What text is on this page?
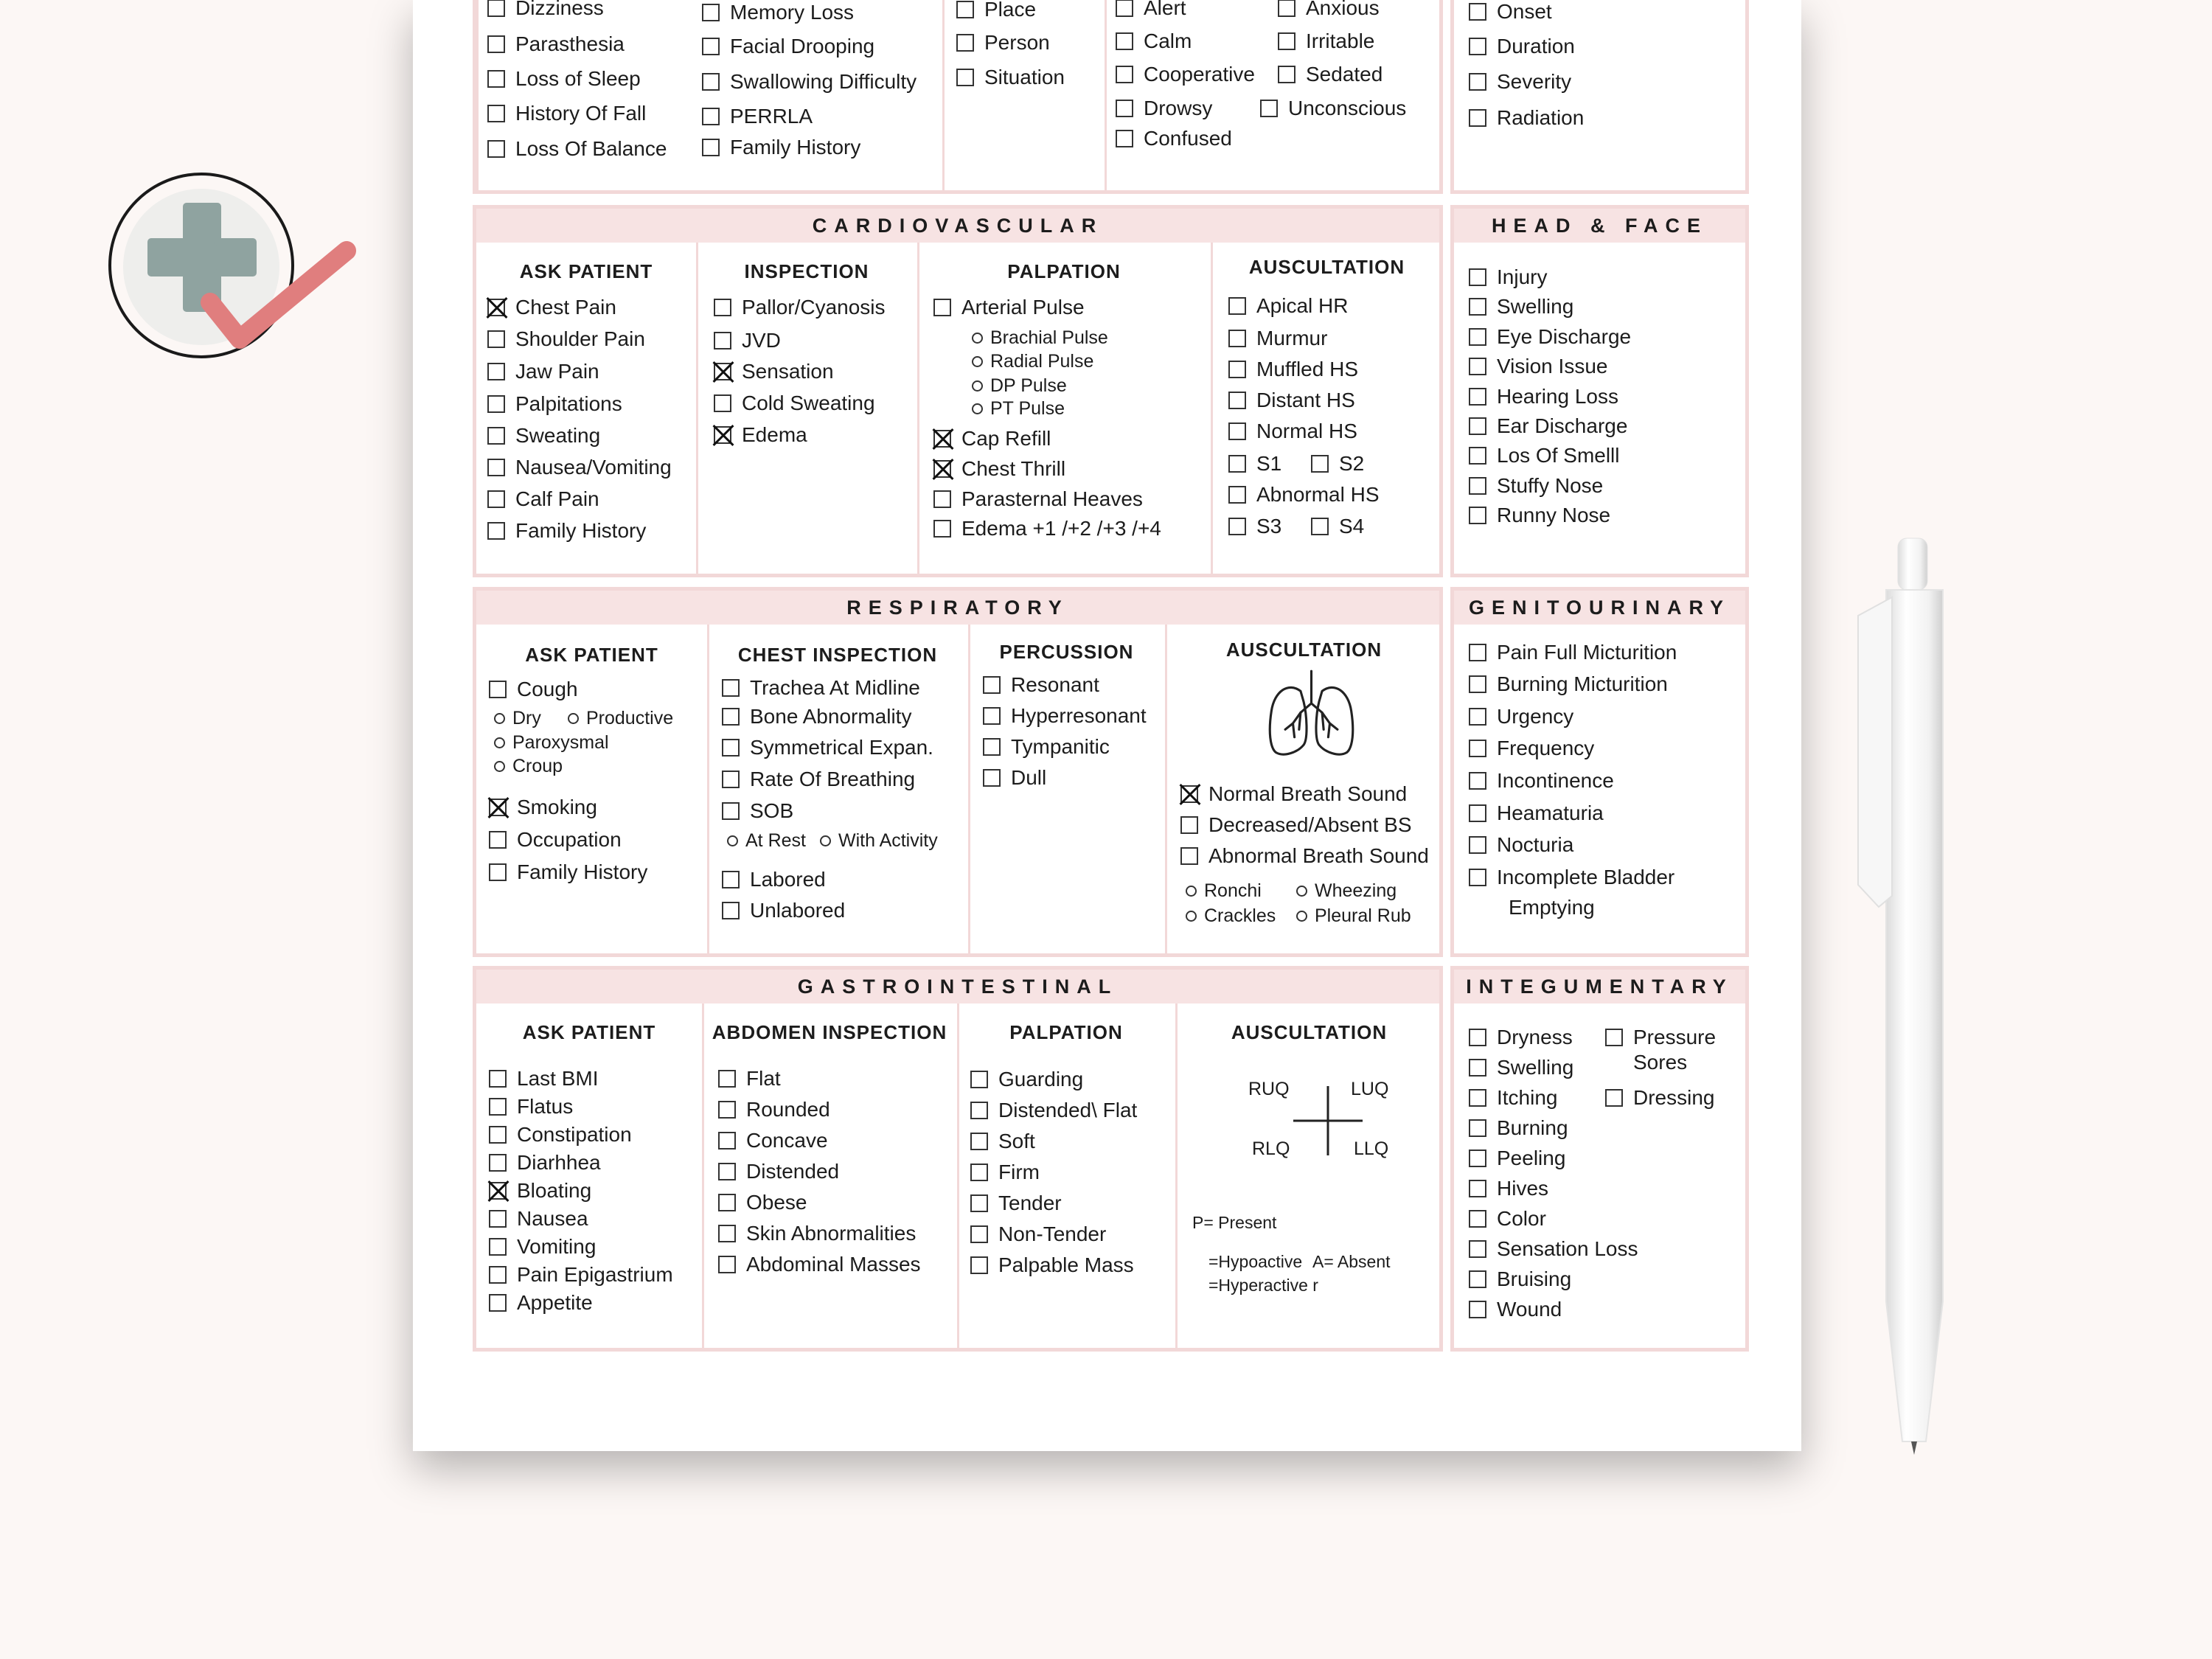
Dizziness
Parasthesia
Loss of Sleep
History Of Fall
Loss Of Balance
Memory Loss
Facial Drooping
Swallowing Difficulty
PERRLA
Family History
Place
Person
Situation
Alert
Calm
Cooperative
Drowsy
Confused
Anxious
Irritable
Sedated
Unconscious
Onset
Duration
Severity
Radiation
CARDIOVASCULAR
ASK PATIENT	INSPECTION	PALPATION	AUSCULTATION
Chest Pain
Shoulder Pain
Jaw Pain
Palpitations
Sweating
Nausea/Vomiting
Calf Pain
Family History
Pallor/Cyanosis
JVD
Sensation
Cold Sweating
Edema
Arterial Pulse
Brachial Pulse
Radial Pulse
DP Pulse
PT Pulse
Cap Refill
Chest Thrill
Parasternal Heaves
Edema +1 /+2 /+3 /+4
Apical HR
Murmur
Muffled HS
Distant HS
Normal HS
S1	S2
Abnormal HS
S3	S4
HEAD & FACE
Injury
Swelling
Eye Discharge
Vision Issue
Hearing Loss
Ear Discharge
Los Of Smelll
Stuffy Nose
Runny Nose
RESPIRATORY
ASK PATIENT	CHEST INSPECTION	PERCUSSION	AUSCULTATION
Cough
Dry	Productive
Paroxysmal
Croup
Smoking
Occupation
Family History
Trachea At Midline
Bone Abnormality
Symmetrical Expan.
Rate Of Breathing
SOB
At Rest	With Activity
Labored
Unlabored
Resonant
Hyperresonant
Tympanitic
Dull
Normal Breath Sound
Decreased/Absent BS
Abnormal Breath Sound
Ronchi	Wheezing
Crackles	Pleural Rub
GENITOURINARY
Pain Full Micturition
Burning Micturition
Urgency
Frequency
Incontinence
Heamaturia
Nocturia
Incomplete Bladder
Emptying
GASTROINTESTINAL
ASK PATIENT	ABDOMEN INSPECTION	PALPATION	AUSCULTATION
Last BMI
Flatus
Constipation
Diarhhea
Bloating
Nausea
Vomiting
Pain Epigastrium
Appetite
Flat
Rounded
Concave
Distended
Obese
Skin Abnormalities
Abdominal Masses
Guarding
Distended\ Flat
Soft
Firm
Tender
Non-Tender
Palpable Mass
RUQ	LUQ
RLQ	LLQ
P= Present
=Hypoactive A= Absent
=Hyperactive r
INTEGUMENTARY
Dryness
Swelling
Itching
Burning
Peeling
Hives
Color
Sensation Loss
Bruising
Wound
Pressure
Sores
Dressing
